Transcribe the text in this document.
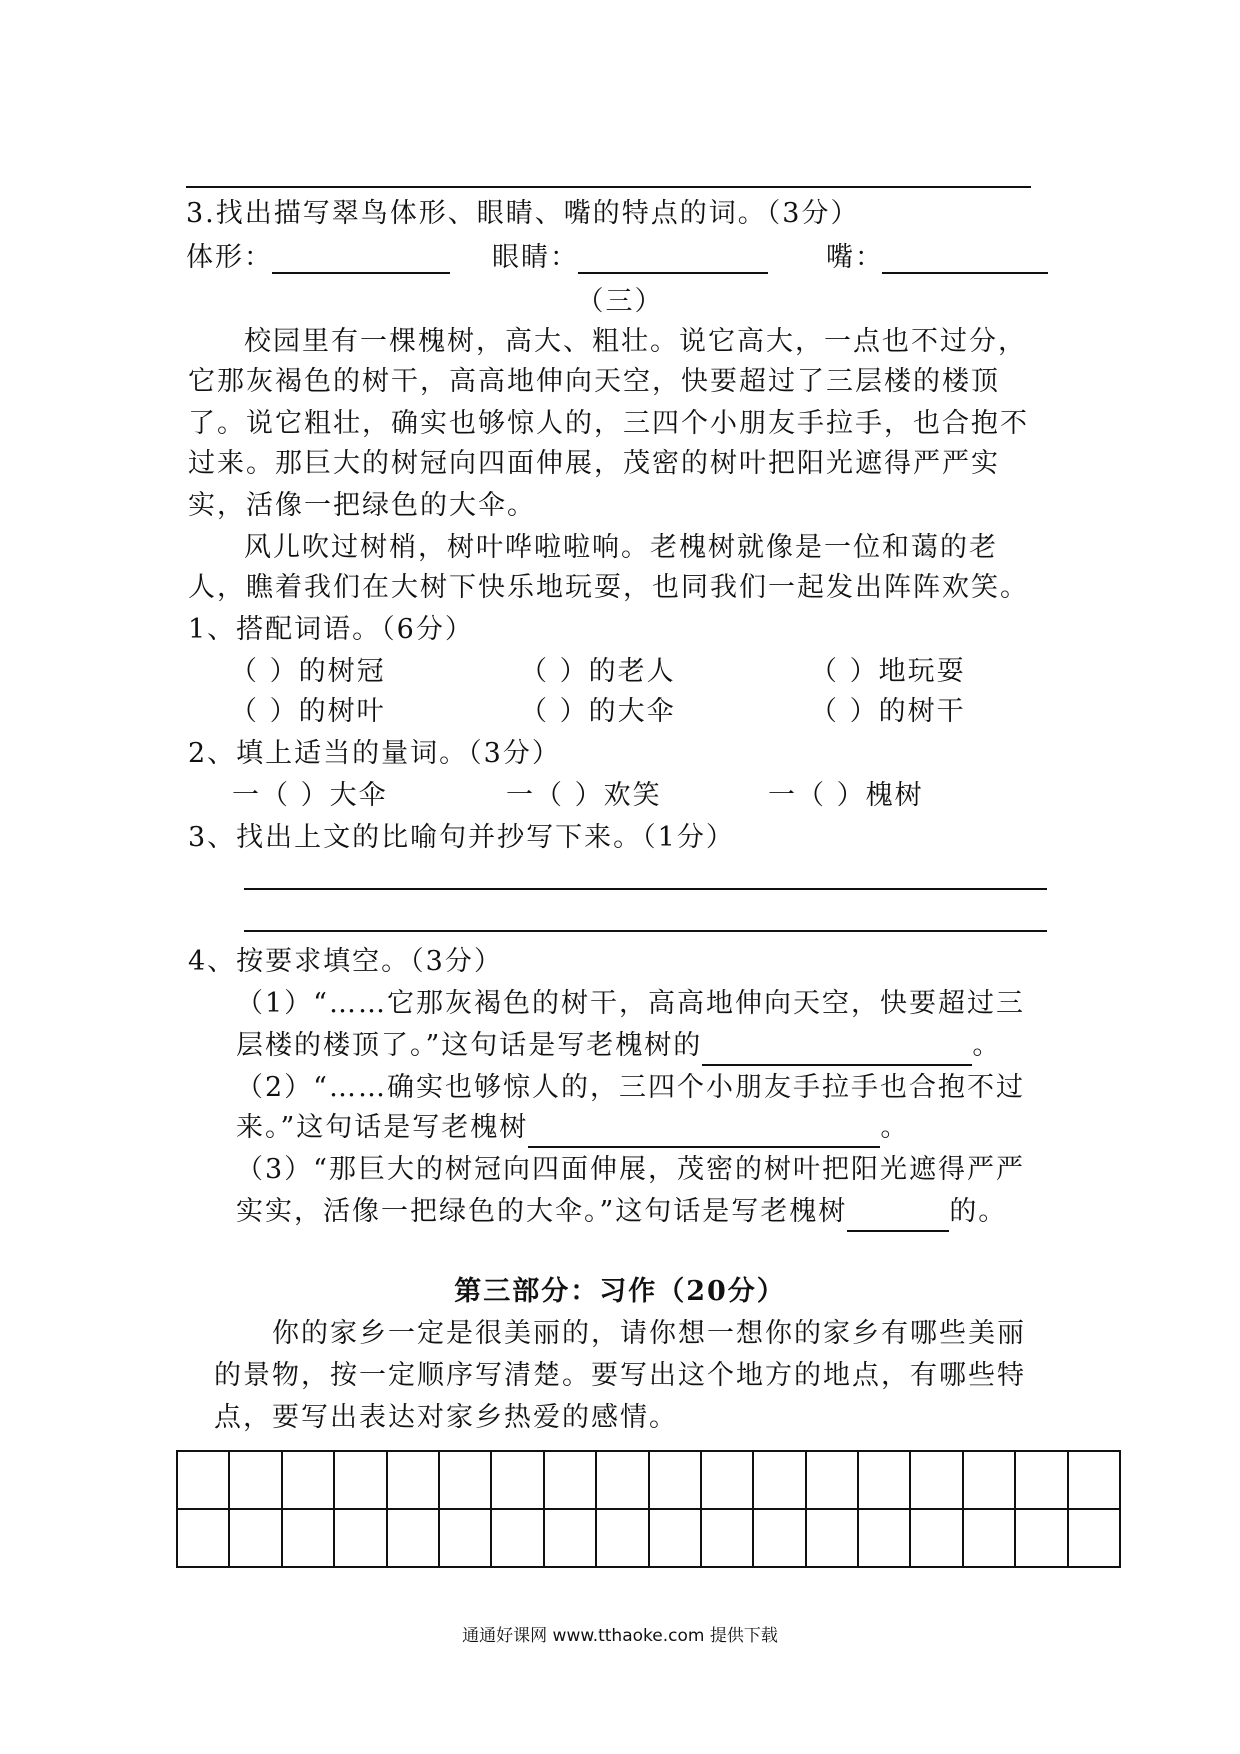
3.找出描写翠鸟体形、眼睛、嘴的特点的词。（3分）
体形：	眼睛：	嘴：
（三）
校园里有一棵槐树，高大、粗壮。说它高大，一点也不过分，
它那灰褐色的树干，高高地伸向天空，快要超过了三层楼的楼顶
了。说它粗壮，确实也够惊人的，三四个小朋友手拉手，也合抱不
过来。那巨大的树冠向四面伸展，茂密的树叶把阳光遮得严严实
实，活像一把绿色的大伞。
风儿吹过树梢，树叶哗啦啦响。老槐树就像是一位和蔼的老
人，瞧着我们在大树下快乐地玩耍，也同我们一起发出阵阵欢笑。
1、搭配词语。（6分）
（ ）的树冠	（ ）的老人	（ ）地玩耍
（ ）的树叶	（ ）的大伞	（ ）的树干
2、填上适当的量词。（3分）
一（ ）大伞	一（ ）欢笑	一（ ）槐树
3、找出上文的比喻句并抄写下来。（1分）
4、按要求填空。（3分）
（1）“……它那灰褐色的树干，高高地伸向天空，快要超过三
层楼的楼顶了。”这句话是写老槐树的	。
（2）“……确实也够惊人的，三四个小朋友手拉手也合抱不过
来。”这句话是写老槐树	。
（3）“那巨大的树冠向四面伸展，茂密的树叶把阳光遮得严严
实实，活像一把绿色的大伞。”这句话是写老槐树	的。
第三部分：习作（20分）
你的家乡一定是很美丽的，请你想一想你的家乡有哪些美丽
的景物，按一定顺序写清楚。要写出这个地方的地点，有哪些特
点，要写出表达对家乡热爱的感情。

通通好课网 www.tthaoke.com 提供下载
